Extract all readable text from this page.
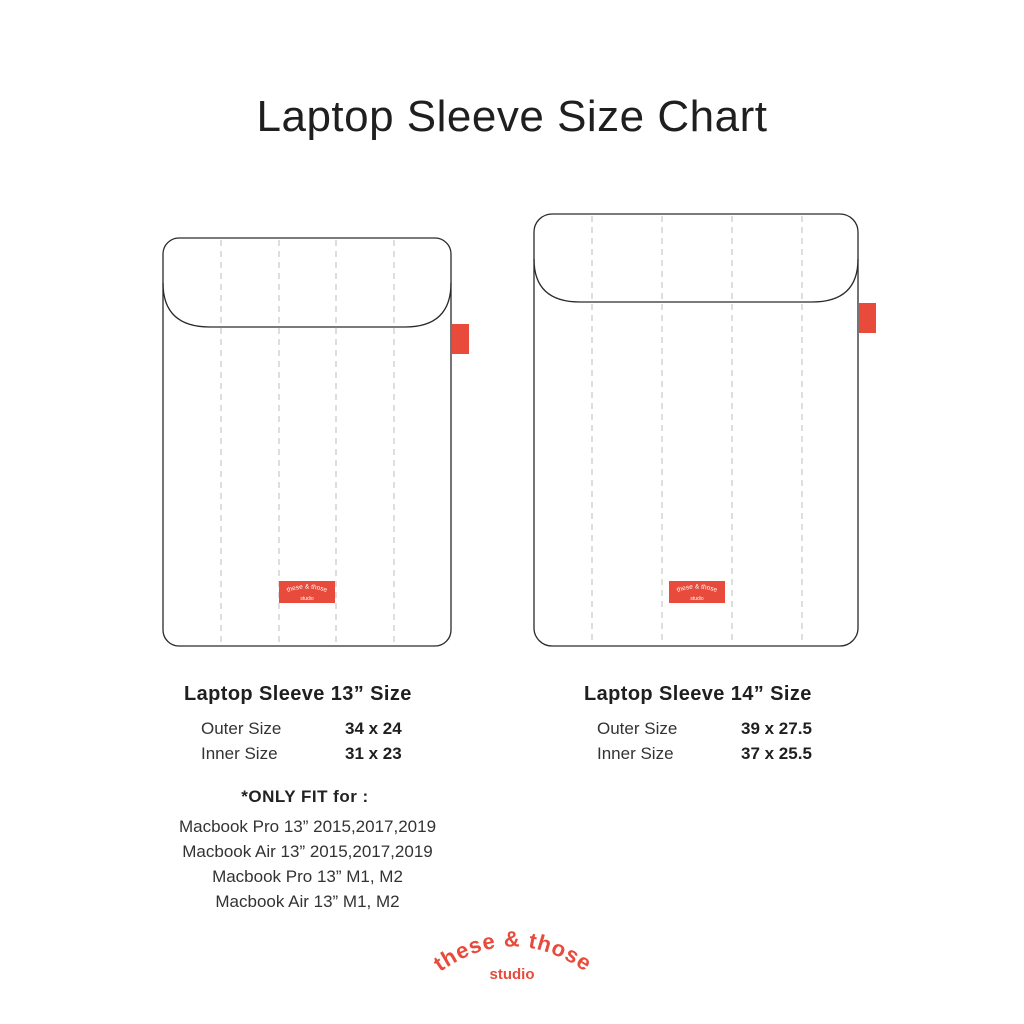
Laptop Sleeve Size Chart
these & those
studio
these & those
studio
these & those
studio
Laptop Sleeve 13” Size
Outer Size	34 x 24
Inner Size	31 x 23
Laptop Sleeve 14” Size
Outer Size	39 x 27.5
Inner Size	37 x 25.5
*ONLY FIT for :
Macbook Pro 13” 2015,2017,2019
Macbook Air 13” 2015,2017,2019
Macbook Pro 13” M1, M2
Macbook Air 13” M1, M2
